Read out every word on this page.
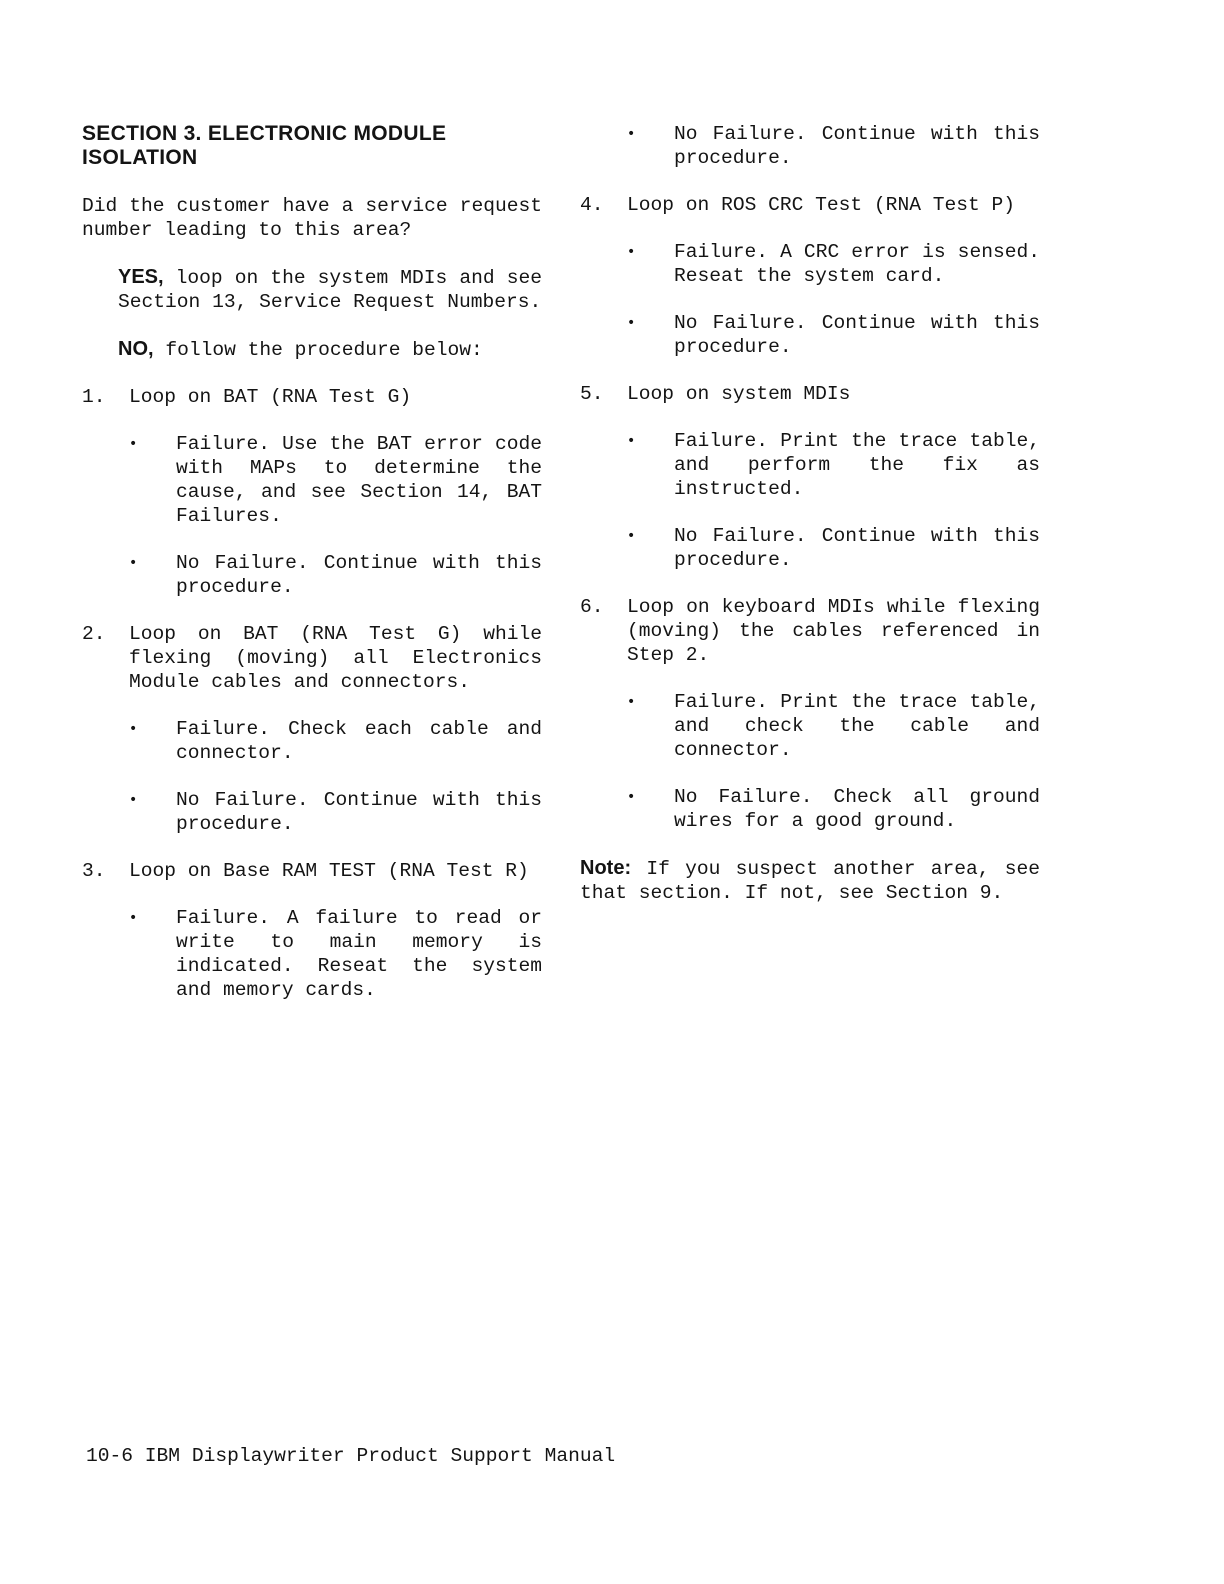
SECTION 3. ELECTRONIC MODULE
ISOLATION
Did the customer have a service request number leading to this area?
YES, loop on the system MDIs and see Section 13, Service Request Numbers.
NO, follow the procedure below:
1.	Loop on BAT (RNA Test G)
•	Failure. Use the BAT error code with MAPs to determine the cause, and see Section 14, BAT Failures.
•	No Failure. Continue with this procedure.
2.	Loop on BAT (RNA Test G) while flexing (moving) all Electronics Module cables and connectors.
•	Failure. Check each cable and connector.
•	No Failure. Continue with this procedure.
3.	Loop on Base RAM TEST (RNA Test R)
•	Failure. A failure to read or write to main memory is indicated. Reseat the system and memory cards.
•	No Failure. Continue with this procedure.
4.	Loop on ROS CRC Test (RNA Test P)
•	Failure. A CRC error is sensed. Reseat the system card.
•	No Failure. Continue with this procedure.
5.	Loop on system MDIs
•	Failure. Print the trace table, and perform the fix as instructed.
•	No Failure. Continue with this procedure.
6.	Loop on keyboard MDIs while flexing (moving) the cables referenced in Step 2.
•	Failure. Print the trace table, and check the cable and connector.
•	No Failure. Check all ground wires for a good ground.
Note: If you suspect another area, see that section. If not, see Section 9.
10-6 IBM Displaywriter Product Support Manual
